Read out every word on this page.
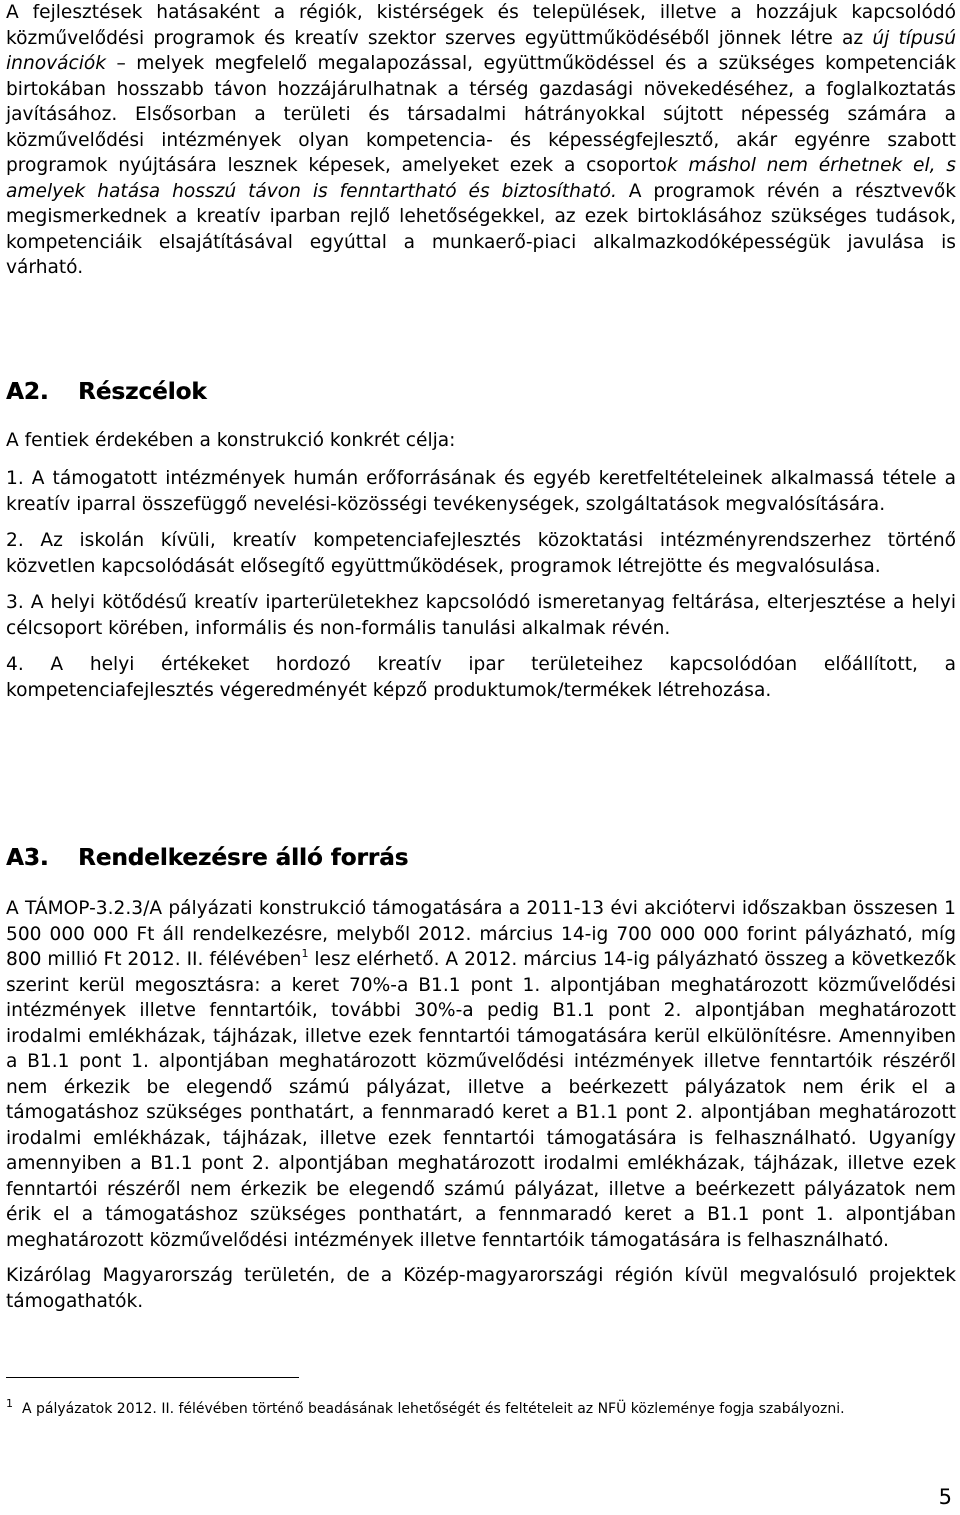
A fejlesztések hatásaként a régiók, kistérségek és települések, illetve a hozzájuk kapcsolódó közművelődési programok és kreatív szektor szerves együttműködéséből jönnek létre az új típusú innovációk – melyek megfelelő megalapozással, együttműködéssel és a szükséges kompetenciák birtokában hosszabb távon hozzájárulhatnak a térség gazdasági növekedéséhez, a foglalkoztatás javításához. Elsősorban a területi és társadalmi hátrányokkal sújtott népesség számára a közművelődési intézmények olyan kompetencia- és képességfejlesztő, akár egyénre szabott programok nyújtására lesznek képesek, amelyeket ezek a csoportok máshol nem érhetnek el, s amelyek hatása hosszú távon is fenntartható és biztosítható. A programok révén a résztvevők megismerkednek a kreatív iparban rejlő lehetőségekkel, az ezek birtoklásához szükséges tudások, kompetenciáik elsajátításával egyúttal a munkaerő-piaci alkalmazkodóképességük javulása is várható.

A2. Részcélok

A fentiek érdekében a konstrukció konkrét célja:

1. A támogatott intézmények humán erőforrásának és egyéb keretfeltételeinek alkalmassá tétele a kreatív iparral összefüggő nevelési-közösségi tevékenységek, szolgáltatások megvalósítására.

2. Az iskolán kívüli, kreatív kompetenciafejlesztés közoktatási intézményrendszerhez történő közvetlen kapcsolódását elősegítő együttműködések, programok létrejötte és megvalósulása.

3. A helyi kötődésű kreatív iparterületekhez kapcsolódó ismeretanyag feltárása, elterjesztése a helyi célcsoport körében, informális és non-formális tanulási alkalmak révén.

4. A helyi értékeket hordozó kreatív ipar területeihez kapcsolódóan előállított, a kompetenciafejlesztés végeredményét képző produktumok/termékek létrehozása.

A3. Rendelkezésre álló forrás

A TÁMOP-3.2.3/A pályázati konstrukció támogatására a 2011-13 évi akciótervi időszakban összesen 1 500 000 000 Ft áll rendelkezésre, melyből 2012. március 14-ig 700 000 000 forint pályázható, míg 800 millió Ft 2012. II. félévében$^1$ lesz elérhető. A 2012. március 14-ig pályázható összeg a következők szerint kerül megosztásra: a keret 70%-a B1.1 pont 1. alpontjában meghatározott közművelődési intézmények illetve fenntartóik, további 30%-a pedig B1.1 pont 2. alpontjában meghatározott irodalmi emlékházak, tájházak, illetve ezek fenntartói támogatására kerül elkülönítésre. Amennyiben a B1.1 pont 1. alpontjában meghatározott közművelődési intézmények illetve fenntartóik részéről nem érkezik be elegendő számú pályázat, illetve a beérkezett pályázatok nem érik el a támogatáshoz szükséges ponthatárt, a fennmaradó keret a B1.1 pont 2. alpontjában meghatározott irodalmi emlékházak, tájházak, illetve ezek fenntartói támogatására is felhasználható. Ugyanígy amennyiben a B1.1 pont 2. alpontjában meghatározott irodalmi emlékházak, tájházak, illetve ezek fenntartói részéről nem érkezik be elegendő számú pályázat, illetve a beérkezett pályázatok nem érik el a támogatáshoz szükséges ponthatárt, a fennmaradó keret a B1.1 pont 1. alpontjában meghatározott közművelődési intézmények illetve fenntartóik támogatására is felhasználható.

Kizárólag Magyarország területén, de a Közép-magyarországi régión kívül megvalósuló projektek támogathatók.

1 A pályázatok 2012. II. félévében történő beadásának lehetőségét és feltételeit az NFÜ közleménye fogja szabályozni.

5
